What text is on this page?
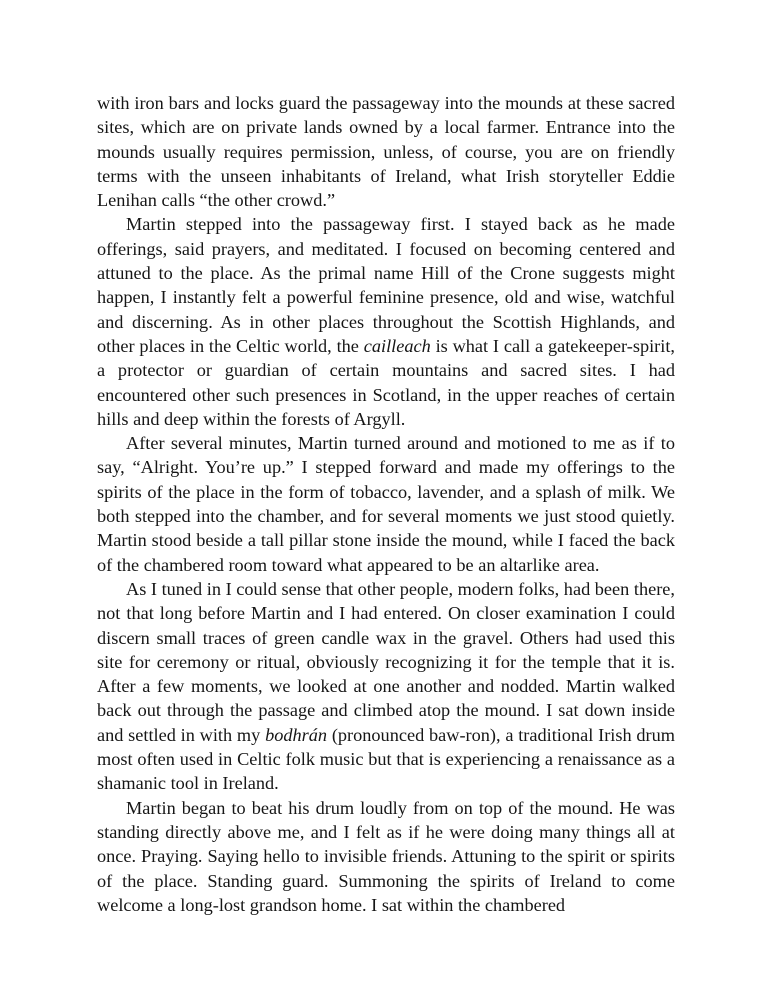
with iron bars and locks guard the passageway into the mounds at these sacred sites, which are on private lands owned by a local farmer. Entrance into the mounds usually requires permission, unless, of course, you are on friendly terms with the unseen inhabitants of Ireland, what Irish storyteller Eddie Lenihan calls “the other crowd.”

Martin stepped into the passageway first. I stayed back as he made offerings, said prayers, and meditated. I focused on becoming centered and attuned to the place. As the primal name Hill of the Crone suggests might happen, I instantly felt a powerful feminine presence, old and wise, watchful and discerning. As in other places throughout the Scottish Highlands, and other places in the Celtic world, the cailleach is what I call a gatekeeper-spirit, a protector or guardian of certain mountains and sacred sites. I had encountered other such presences in Scotland, in the upper reaches of certain hills and deep within the forests of Argyll.

After several minutes, Martin turned around and motioned to me as if to say, “Alright. You’re up.” I stepped forward and made my offerings to the spirits of the place in the form of tobacco, lavender, and a splash of milk. We both stepped into the chamber, and for several moments we just stood quietly. Martin stood beside a tall pillar stone inside the mound, while I faced the back of the chambered room toward what appeared to be an altarlike area.

As I tuned in I could sense that other people, modern folks, had been there, not that long before Martin and I had entered. On closer examination I could discern small traces of green candle wax in the gravel. Others had used this site for ceremony or ritual, obviously recognizing it for the temple that it is. After a few moments, we looked at one another and nodded. Martin walked back out through the passage and climbed atop the mound. I sat down inside and settled in with my bodhrán (pronounced baw-ron), a traditional Irish drum most often used in Celtic folk music but that is experiencing a renaissance as a shamanic tool in Ireland.

Martin began to beat his drum loudly from on top of the mound. He was standing directly above me, and I felt as if he were doing many things all at once. Praying. Saying hello to invisible friends. Attuning to the spirit or spirits of the place. Standing guard. Summoning the spirits of Ireland to come welcome a long-lost grandson home. I sat within the chambered
